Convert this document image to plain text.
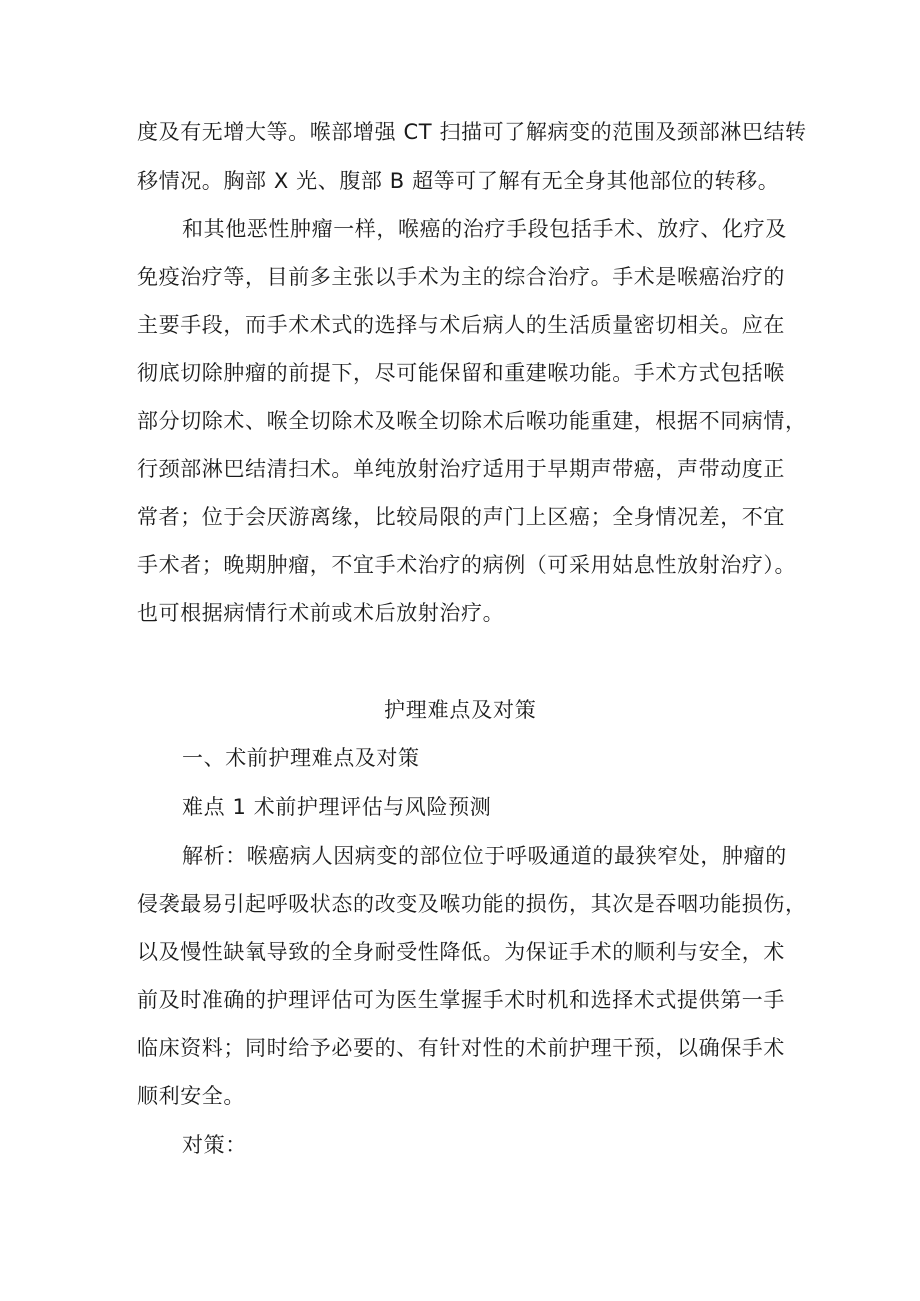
度及有无增大等。喉部增强 CT 扫描可了解病变的范围及颈部淋巴结转
移情况。胸部 X 光、腹部 B 超等可了解有无全身其他部位的转移。
和其他恶性肿瘤一样，喉癌的治疗手段包括手术、放疗、化疗及
免疫治疗等，目前多主张以手术为主的综合治疗。手术是喉癌治疗的
主要手段，而手术术式的选择与术后病人的生活质量密切相关。应在
彻底切除肿瘤的前提下，尽可能保留和重建喉功能。手术方式包括喉
部分切除术、喉全切除术及喉全切除术后喉功能重建，根据不同病情，
行颈部淋巴结清扫术。单纯放射治疗适用于早期声带癌，声带动度正
常者；位于会厌游离缘，比较局限的声门上区癌；全身情况差，不宜
手术者；晚期肿瘤，不宜手术治疗的病例（可采用姑息性放射治疗）。
也可根据病情行术前或术后放射治疗。
护理难点及对策
一、术前护理难点及对策
难点 1 术前护理评估与风险预测
解析：喉癌病人因病变的部位位于呼吸通道的最狭窄处，肿瘤的
侵袭最易引起呼吸状态的改变及喉功能的损伤，其次是吞咽功能损伤，
以及慢性缺氧导致的全身耐受性降低。为保证手术的顺利与安全，术
前及时准确的护理评估可为医生掌握手术时机和选择术式提供第一手
临床资料；同时给予必要的、有针对性的术前护理干预，以确保手术
顺利安全。
对策：
